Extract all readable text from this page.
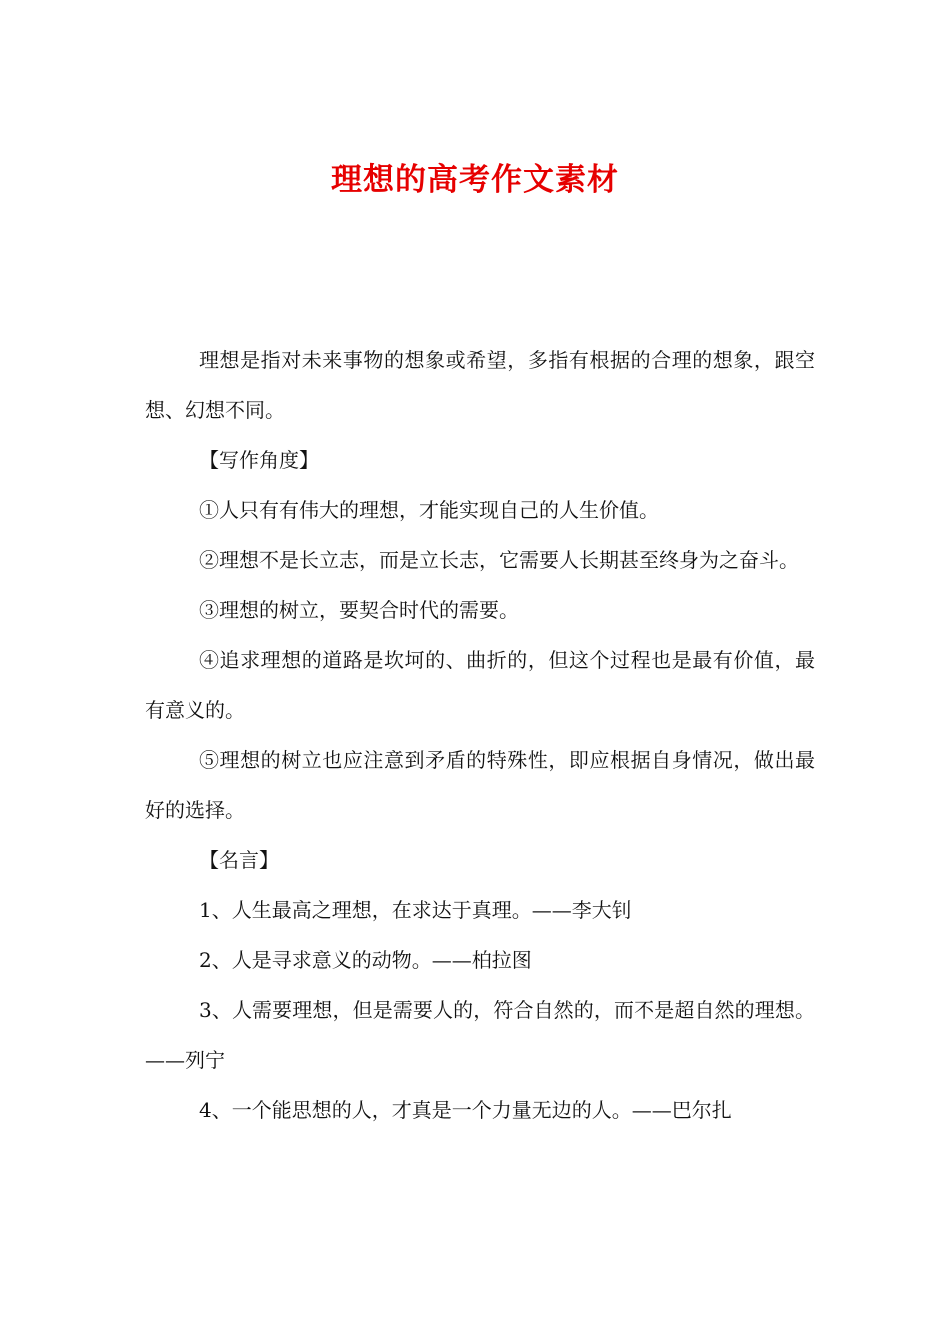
理想的高考作文素材

理想是指对未来事物的想象或希望，多指有根据的合理的想象，跟空想、幻想不同。

【写作角度】

①人只有有伟大的理想，才能实现自己的人生价值。

②理想不是长立志，而是立长志，它需要人长期甚至终身为之奋斗。

③理想的树立，要契合时代的需要。

④追求理想的道路是坎坷的、曲折的，但这个过程也是最有价值，最有意义的。

⑤理想的树立也应注意到矛盾的特殊性，即应根据自身情况，做出最好的选择。

【名言】

1、人生最高之理想，在求达于真理。——李大钊

2、人是寻求意义的动物。——柏拉图

3、人需要理想，但是需要人的，符合自然的，而不是超自然的理想。——列宁

4、一个能思想的人，才真是一个力量无边的人。——巴尔扎
